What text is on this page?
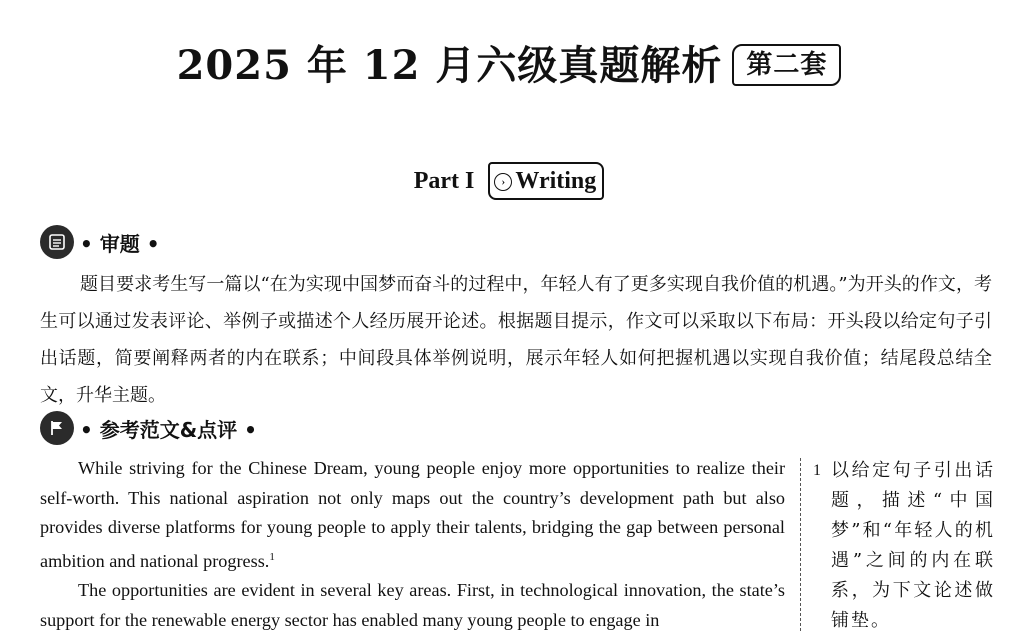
2025 年 12 月六级真题解析 第二套
Part I › Writing
• 审题 •

题目要求考生写一篇以“在为实现中国梦而奋斗的过程中，年轻人有了更多实现自我价值的机遇。”为开头的作文，考生可以通过发表评论、举例子或描述个人经历展开论述。根据题目提示，作文可以采取以下布局：开头段以给定句子引出话题，简要阐释两者的内在联系；中间段具体举例说明，展示年轻人如何把握机遇以实现自我价值；结尾段总结全文，升华主题。

• 参考范文&点评 •

While striving for the Chinese Dream, young people enjoy more opportunities to realize their self-worth. This national aspiration not only maps out the country’s development path but also provides diverse platforms for young people to apply their talents, bridging the gap between personal ambition and national progress.$^1$

The opportunities are evident in several key areas. First, in technological innovation, the state’s support for the renewable energy sector has enabled many young people to engage in

1 以给定句子引出话题，描述“中国梦”和“年轻人的机遇”之间的内在联系，为下文论述做铺垫。
